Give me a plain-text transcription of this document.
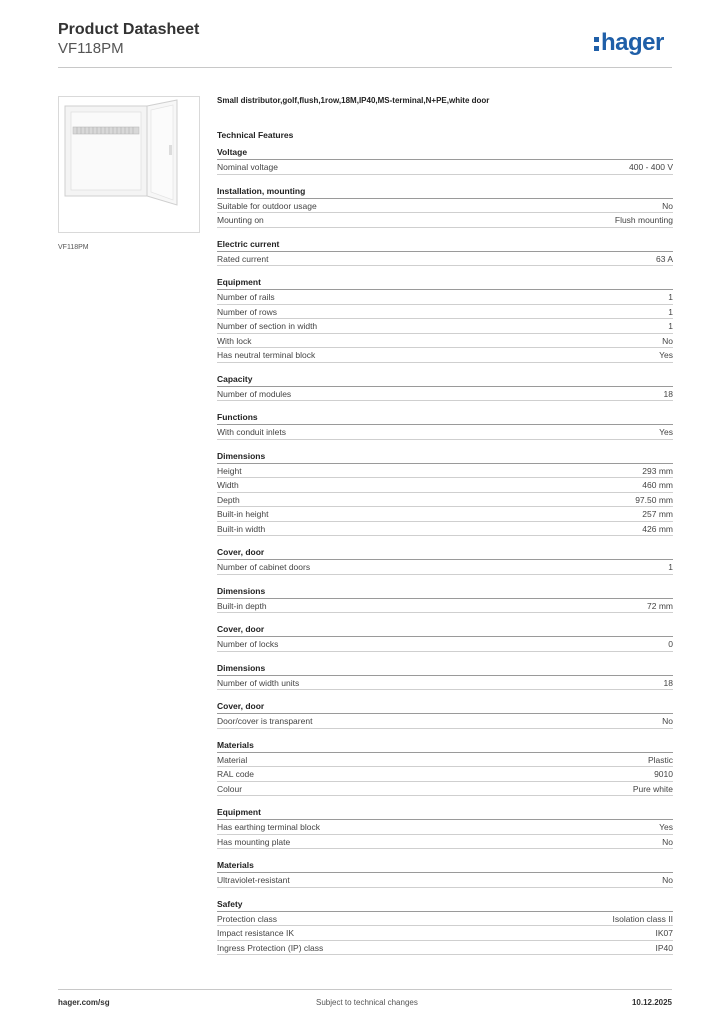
Product Datasheet
VF118PM	hager
VF118PM
Small distributor,golf,flush,1row,18M,IP40,MS-terminal,N+PE,white door
Technical Features
Voltage
Nominal voltage	400 - 400 V
Installation, mounting
Suitable for outdoor usage	No
Mounting on	Flush mounting
Electric current
Rated current	63 A
Equipment
Number of rails	1
Number of rows	1
Number of section in width	1
With lock	No
Has neutral terminal block	Yes
Capacity
Number of modules	18
Functions
With conduit inlets	Yes
Dimensions
Height	293 mm
Width	460 mm
Depth	97.50 mm
Built-in height	257 mm
Built-in width	426 mm
Cover, door
Number of cabinet doors	1
Dimensions
Built-in depth	72 mm
Cover, door
Number of locks	0
Dimensions
Number of width units	18
Cover, door
Door/cover is transparent	No
Materials
Material	Plastic
RAL code	9010
Colour	Pure white
Equipment
Has earthing terminal block	Yes
Has mounting plate	No
Materials
Ultraviolet-resistant	No
Safety
Protection class	Isolation class II
Impact resistance IK	IK07
Ingress Protection (IP) class	IP40
hager.com/sg	Subject to technical changes	10.12.2025
